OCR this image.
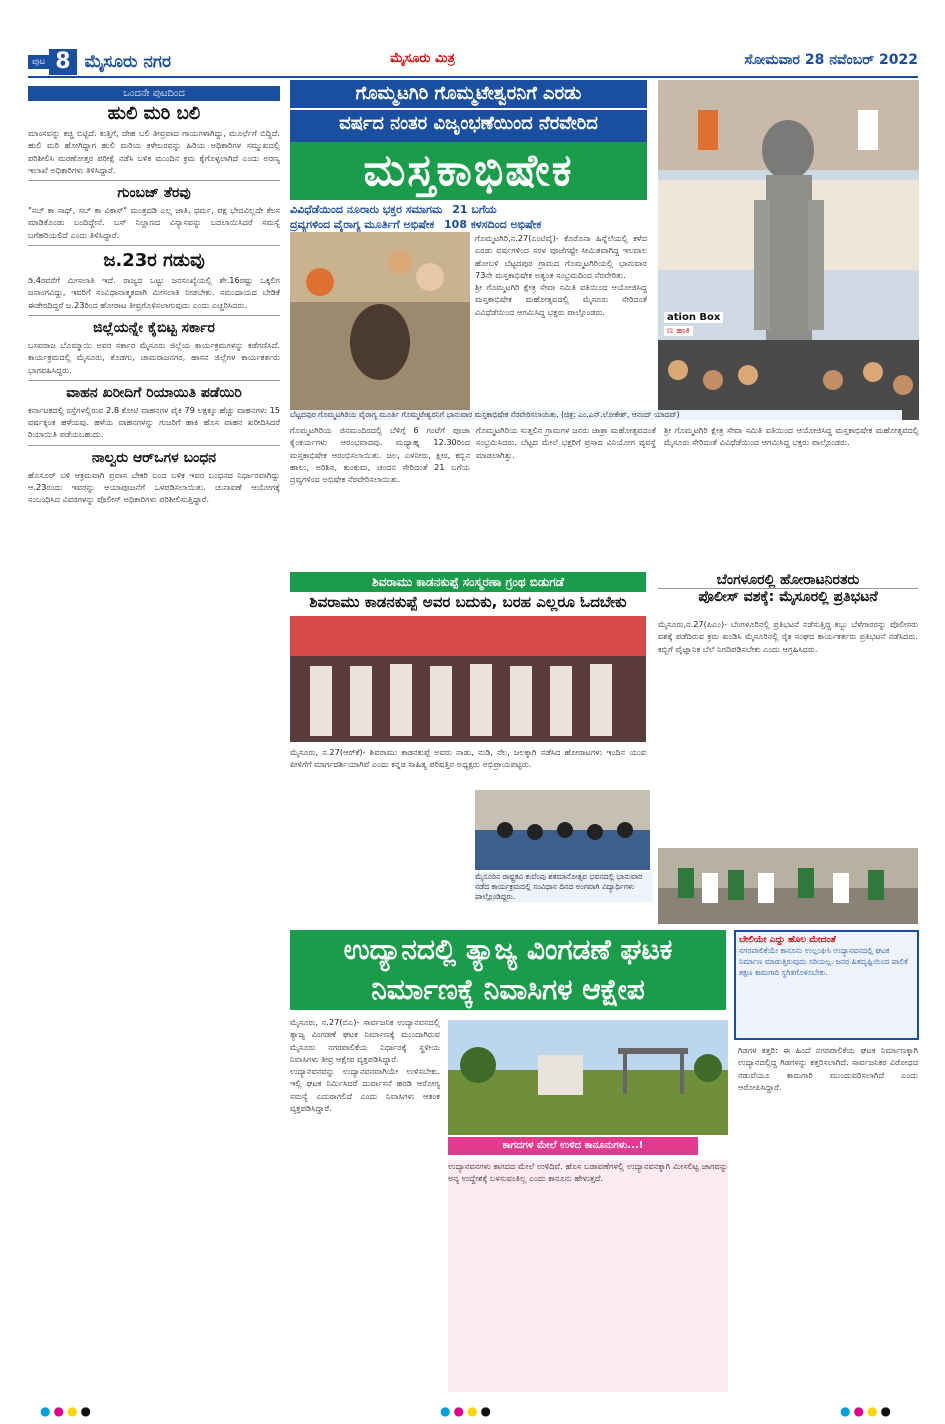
ಪುಟ 8 ಮೈಸೂರು ನಗರ	ಮೈಸೂರು ಮಿತ್ರ	ಸೋಮವಾರ 28 ನವೆಂಬರ್ 2022
ಒಂದನೇ ಪುಟದಿಂದ
ಹುಲಿ ಮರಿ ಬಲಿ

ಮಾಂಸವನ್ನು ಕಚ್ಚಿ ಬಿಟ್ಟಿದೆ. ಕುತ್ತಿಗೆ, ದೇಹ ಬಲಿ ತೀವ್ರವಾದ ಗಾಯಗಳಾಗಿದ್ದು, ಮೂರ್ಛೆಗೆ ಬಿದ್ದಿದೆ. ಹುಲಿ ಮರಿ ಹೋಗಿದ್ದಾಗ ಹುಲಿ ಮರಿಯ ಕಳೇಬರವನ್ನು ಹಿರಿಯ ಅಧಿಕಾರಿಗಳ ಸಮ್ಮುಖದಲ್ಲಿ ಪರಿಶೀಲಿಸಿ ಮರಣೋತ್ತರ ಪರೀಕ್ಷೆ ನಡೆಸಿ ಬಳಿಕ ಮುಂದಿನ ಕ್ರಮ ಕೈಗೊಳ್ಳಲಾಗಿದೆ ಎಂದು ಅರಣ್ಯ ಇಲಾಖೆ ಅಧಿಕಾರಿಗಳು ತಿಳಿಸಿದ್ದಾರೆ.

ಗುಂಬಜ್ ತೆರವು

"ಸಬ್ ಕಾ ಸಾಥ್, ಸಬ್ ಕಾ ವಿಕಾಸ್" ಮಂತ್ರದಡಿ ಎಲ್ಲ ಜಾತಿ, ಧರ್ಮ, ಪಕ್ಷ ಭೇದವಿಲ್ಲದೇ ಕೆಲಸ ಮಾಡಿಕೊಂಡು ಬಂದಿದ್ದೇನೆ. ಬಸ್ ನಿಲ್ದಾಣದ ವಿನ್ಯಾಸವನ್ನು ಬದಲಾಯಿಸಿದರೆ ಸಮಸ್ಯೆ ಬಗೆಹರಿಯಲಿದೆ ಎಂದು ತಿಳಿಸಿದ್ದಾರೆ.

ಜ.23ರ ಗಡುವು

ಡಿ.4ರವರೆಗೆ ಮೀಸಲಾತಿ ಇದೆ. ರಾಜ್ಯದ ಒಟ್ಟು ಜನಸಂಖ್ಯೆಯಲ್ಲಿ ಶೇ.16ರಷ್ಟು ಒಕ್ಕಲಿಗ ಜನಾಂಗವಿದ್ದು, ಇವರಿಗೆ ಸಂವಿಧಾನಾತ್ಮಕವಾಗಿ ಮೀಸಲಾತಿ ನೀಡಬೇಕು. ಸಮುದಾಯದ ಬೇಡಿಕೆ ಈಡೇರದಿದ್ದರೆ ಜ.23ರಿಂದ ಹೋರಾಟ ತೀವ್ರಗೊಳಿಸಲಾಗುವುದು ಎಂದು ಎಚ್ಚರಿಸಿದರು.

ಜಿಲ್ಲೆಯನ್ನೇ ಕೈಬಿಟ್ಟ ಸರ್ಕಾರ

ಬಸವರಾಜ ಬೊಮ್ಮಾಯಿ ಅವರ ಸರ್ಕಾರ ಮೈಸೂರು ಜಿಲ್ಲೆಯ ಕಾರ್ಯಕ್ರಮಗಳನ್ನು ಕಡೆಗಣಿಸಿದೆ. ಕಾರ್ಯಕ್ರಮದಲ್ಲಿ ಮೈಸೂರು, ಕೊಡಗು, ಚಾಮರಾಜನಗರ, ಹಾಸನ ಜಿಲ್ಲೆಗಳ ಕಾರ್ಯಕರ್ತರು ಭಾಗವಹಿಸಿದ್ದರು.

ವಾಹನ ಖರೀದಿಗೆ ರಿಯಾಯಿತಿ ಪಡೆಯಿರಿ

ಕರ್ನಾಟಕದಲ್ಲಿ ರಸ್ತೆಗಳಲ್ಲಿರುವ 2.8 ಕೋಟಿ ವಾಹನಗಳ ಪೈಕಿ 79 ಲಕ್ಷಕ್ಕೂ ಹೆಚ್ಚು ವಾಹನಗಳು 15 ವರ್ಷಕ್ಕಿಂತ ಹಳೆಯವು. ಹಳೆಯ ವಾಹನಗಳನ್ನು ಗುಜರಿಗೆ ಹಾಕಿ ಹೊಸ ವಾಹನ ಖರೀದಿಸಿದರೆ ರಿಯಾಯಿತಿ ಪಡೆಯಬಹುದು.

ನಾಲ್ವರು ಆರ್‌ಒಗಳ ಬಂಧನ

ಹೊಸೂರ್ ಬಳಿ ಆಕ್ರಮವಾಗಿ ಪ್ರವಾಸ ಬೇಕರಿ ಬಂದ ಬಳಿಕ ಇವರ ಬಂಧನದ ನಿರ್ಧಾರವಾಗಿದ್ದು ಆ.23ರಂದು ಇವರನ್ನು ಆಯಾಪೂಜನೆಗೆ ಒಳಪಡಿಸಲಾಯಿತು. ಚುನಾವಣೆ ಆಯೋಗಕ್ಕೆ ಸಂಬಂಧಿಸಿದ ವಿವರಗಳನ್ನು ಪೊಲೀಸ್ ಅಧಿಕಾರಿಗಳು ಪರಿಶೀಲಿಸುತ್ತಿದ್ದಾರೆ.

ಗೊಮ್ಮಟಗಿರಿ ಗೊಮ್ಮಟೇಶ್ವರನಿಗೆ ಎರಡು
ವರ್ಷದ ನಂತರ ವಿಜೃಂಭಣೆಯಿಂದ ನೆರವೇರಿದ
ಮಸ್ತಕಾಭಿಷೇಕ
ವಿವಿಧೆಡೆಯಿಂದ ನೂರಾರು ಭಕ್ತರ ಸಮಾಗಮ 21 ಬಗೆಯ
ದ್ರವ್ಯಗಳಿಂದ ವೈರಾಗ್ಯ ಮೂರ್ತಿಗೆ ಅಭಿಷೇಕ 108 ಕಳಸದಿಂದ ಅಭಿಷೇಕ
ation Box
ಣ ಹಾಕಿ

ಗೊಮ್ಮಟಗಿರಿ,ನ.27(ಎಂಟಿವೈ)- ಕೊರೊನಾ ಹಿನ್ನೆಲೆಯಲ್ಲಿ ಕಳೆದ ಎರಡು ವರ್ಷಗಳಿಂದ ಸರಳ ಪೂಜೆಗಷ್ಟೇ ಸೀಮಿತವಾಗಿದ್ದ ಇಲವಾಲ ಹೋಬಳಿ ಬೆಟ್ಟದಪುರ ಗ್ರಾಮದ ಗೊಮ್ಮಟಗಿರಿಯಲ್ಲಿ ಭಾನುವಾರ 73ನೇ ಮಸ್ತಕಾಭಿಷೇಕ ಅತ್ಯಂತ ಸಂಭ್ರಮದಿಂದ ನೆರವೇರಿತು.

ಶ್ರೀ ಗೊಮ್ಮಟಗಿರಿ ಕ್ಷೇತ್ರ ಸೇವಾ ಸಮಿತಿ ವತಿಯಿಂದ ಆಯೋಜಿಸಿದ್ದ ಮಸ್ತಕಾಭಿಷೇಕ ಮಹೋತ್ಸವದಲ್ಲಿ ಮೈಸೂರು ಸೇರಿದಂತೆ ವಿವಿಧೆಡೆಯಿಂದ ಆಗಮಿಸಿದ್ದ ಭಕ್ತರು ಪಾಲ್ಗೊಂಡರು.

ಬೆಟ್ಟದಪುರ ಗೊಮ್ಮಟಗಿರಿಯ ವೈರಾಗ್ಯ ಮೂರ್ತಿ ಗೊಮ್ಮಟೇಶ್ವರನಿಗೆ ಭಾನುವಾರ ಮಸ್ತಕಾಭಿಷೇಕ ನೆರವೇರಿಸಲಾಯಿತು. (ಚಿತ್ರ: ಎಂ.ಎನ್.ಲೋಕೇಶ್, ಆನಂದ್ ಯಾದವ್)

ಗೊಮ್ಮಟಗಿರಿಯ ಜಿನಮಂದಿರದಲ್ಲಿ ಬೆಳಿಗ್ಗೆ 6 ಗಂಟೆಗೆ ಪೂಜಾ ಕೈಂಕರ್ಯಗಳು ಆರಂಭವಾದವು. ಮಧ್ಯಾಹ್ನ 12.30ರಿಂದ ಮಸ್ತಕಾಭಿಷೇಕ ಆರಂಭಿಸಲಾಯಿತು. ಜಲ, ಎಳನೀರು, ಕ್ಷೀರ, ಕಬ್ಬಿನ ಹಾಲು, ಅರಿಶಿನ, ಕುಂಕುಮ, ಚಂದನ ಸೇರಿದಂತೆ 21 ಬಗೆಯ ದ್ರವ್ಯಗಳಿಂದ ಅಭಿಷೇಕ ನೆರವೇರಿಸಲಾಯಿತು.

ಗೊಮ್ಮಟಗಿರಿಯ ಸುತ್ತಲಿನ ಗ್ರಾಮಗಳ ಜನರು ಜಾತ್ರಾ ಮಹೋತ್ಸವದಂತೆ ಸಂಭ್ರಮಿಸಿದರು. ಬೆಟ್ಟದ ಮೇಲೆ ಭಕ್ತರಿಗೆ ಪ್ರಸಾದ ವಿನಿಯೋಗ ವ್ಯವಸ್ಥೆ ಮಾಡಲಾಗಿತ್ತು.

ಶ್ರೀ ಗೊಮ್ಮಟಗಿರಿ ಕ್ಷೇತ್ರ ಸೇವಾ ಸಮಿತಿ ವತಿಯಿಂದ ಆಯೋಜಿಸಿದ್ದ ಮಸ್ತಕಾಭಿಷೇಕ ಮಹೋತ್ಸವದಲ್ಲಿ ಮೈಸೂರು ಸೇರಿದಂತೆ ವಿವಿಧೆಡೆಯಿಂದ ಆಗಮಿಸಿದ್ದ ಭಕ್ತರು ಪಾಲ್ಗೊಂಡರು.

ಶಿವರಾಮು ಕಾಡನಕುಪ್ಪೆ ಸಂಸ್ಮರಣಾ ಗ್ರಂಥ ಬಿಡುಗಡೆ
ಶಿವರಾಮು ಕಾಡನಕುಪ್ಪೆ ಅವರ ಬದುಕು, ಬರಹ ಎಲ್ಲರೂ ಓದಬೇಕು

ಮೈಸೂರು, ನ.27(ಆರ್‌ಕೆ)- ಶಿವರಾಮು ಕಾಡನಕುಪ್ಪೆ ಅವರು ನಾಡು, ನುಡಿ, ನೆಲ, ಜಲಕ್ಕಾಗಿ ನಡೆಸಿದ ಹೋರಾಟಗಳು ಇಂದಿನ ಯುವ ಪೀಳಿಗೆಗೆ ಮಾರ್ಗದರ್ಶಿಯಾಗಿವೆ ಎಂದು ಕನ್ನಡ ಸಾಹಿತ್ಯ ಪರಿಷತ್ತಿನ ಅಧ್ಯಕ್ಷರು ಅಭಿಪ್ರಾಯಪಟ್ಟರು.

ಮೈಸೂರಿನ ರಾಷ್ಟ್ರಕವಿ ಕುವೆಂಪು ಶತಮಾನೋತ್ಸವ ಭವನದಲ್ಲಿ ಭಾನುವಾರ ನಡೆದ ಕಾರ್ಯಕ್ರಮದಲ್ಲಿ ಸಂವಿಧಾನ ದಿನದ ಅಂಗವಾಗಿ ವಿದ್ಯಾರ್ಥಿಗಳು ಪಾಲ್ಗೊಂಡಿದ್ದರು.
ಬೆಂಗಳೂರಲ್ಲಿ ಹೋರಾಟನಿರತರು
ಪೊಲೀಸ್ ವಶಕ್ಕೆ: ಮೈಸೂರಲ್ಲಿ ಪ್ರತಿಭಟನೆ

ಮೈಸೂರು,ನ.27(ಪಿಎಂ)- ಬೆಂಗಳೂರಿನಲ್ಲಿ ಪ್ರತಿಭಟನೆ ನಡೆಸುತ್ತಿದ್ದ ಕಬ್ಬು ಬೆಳೆಗಾರರನ್ನು ಪೊಲೀಸರು ವಶಕ್ಕೆ ಪಡೆದಿರುವ ಕ್ರಮ ಖಂಡಿಸಿ ಮೈಸೂರಿನಲ್ಲಿ ರೈತ ಸಂಘದ ಕಾರ್ಯಕರ್ತರು ಪ್ರತಿಭಟನೆ ನಡೆಸಿದರು. ಕಬ್ಬಿಗೆ ವೈಜ್ಞಾನಿಕ ಬೆಲೆ ನಿಗದಿಪಡಿಸಬೇಕು ಎಂದು ಆಗ್ರಹಿಸಿದರು.

ಉದ್ಯಾನದಲ್ಲಿ ತ್ಯಾಜ್ಯ ವಿಂಗಡಣೆ ಘಟಕ
ನಿರ್ಮಾಣಕ್ಕೆ ನಿವಾಸಿಗಳ ಆಕ್ಷೇಪ
ಬೇಲಿಯೇ ಎದ್ದು ಹೊಲ ಮೇದಂತೆ
ನಗರಪಾಲಿಕೆಯೇ ಕಾನೂನು ಉಲ್ಲಂಘಿಸಿ ಉದ್ಯಾನವನದಲ್ಲಿ ಘಟಕ ನಿರ್ಮಾಣ ಮಾಡುತ್ತಿರುವುದು ಸರಿಯಲ್ಲ. ಜನರ ಹಿತದೃಷ್ಟಿಯಿಂದ ಪಾಲಿಕೆ ತಕ್ಷಣ ಕಾಮಗಾರಿ ಸ್ಥಗಿತಗೊಳಿಸಬೇಕು.

ಮೈಸೂರು, ನ.27(ಬಿಎ)- ಸಾರ್ವಜನಿಕ ಉದ್ಯಾನವನದಲ್ಲಿ ತ್ಯಾಜ್ಯ ವಿಂಗಡಣೆ ಘಟಕ ನಿರ್ಮಾಣಕ್ಕೆ ಮುಂದಾಗಿರುವ ಮೈಸೂರು ನಗರಪಾಲಿಕೆಯ ನಿರ್ಧಾರಕ್ಕೆ ಸ್ಥಳೀಯ ನಿವಾಸಿಗಳು ತೀವ್ರ ಆಕ್ಷೇಪ ವ್ಯಕ್ತಪಡಿಸಿದ್ದಾರೆ.

ಉದ್ಯಾನವನವನ್ನು ಉದ್ಯಾನವನವಾಗಿಯೇ ಉಳಿಸಬೇಕು. ಇಲ್ಲಿ ಘಟಕ ನಿರ್ಮಿಸಿದರೆ ದುರ್ವಾಸನೆ ಹರಡಿ ಆರೋಗ್ಯ ಸಮಸ್ಯೆ ಎದುರಾಗಲಿದೆ ಎಂದು ನಿವಾಸಿಗಳು ಆತಂಕ ವ್ಯಕ್ತಪಡಿಸಿದ್ದಾರೆ.

ಕಾಗದಗಳ ಮೇಲೆ ಉಳಿದ ಕಾನೂನುಗಳು...!

ಉದ್ಯಾನವನಗಳು ಕಾಗದದ ಮೇಲೆ ಉಳಿದಿವೆ. ಹೊಸ ಬಡಾವಣೆಗಳಲ್ಲಿ ಉದ್ಯಾನವನಕ್ಕಾಗಿ ಮೀಸಲಿಟ್ಟ ಜಾಗವನ್ನು ಅನ್ಯ ಉದ್ದೇಶಕ್ಕೆ ಬಳಸುವಂತಿಲ್ಲ ಎಂದು ಕಾನೂನು ಹೇಳುತ್ತದೆ.

ಗಿಡಗಳ ಕತ್ತರಿ: ಈ ಹಿಂದೆ ನಗರಪಾಲಿಕೆಯ ಘಟಕ ನಿರ್ಮಾಣಕ್ಕಾಗಿ ಉದ್ಯಾನದಲ್ಲಿದ್ದ ಗಿಡಗಳನ್ನು ಕತ್ತರಿಸಲಾಗಿದೆ. ಸಾರ್ವಜನಿಕರ ವಿರೋಧದ ನಡುವೆಯೂ ಕಾಮಗಾರಿ ಮುಂದುವರಿಸಲಾಗಿದೆ ಎಂದು ಆರೋಪಿಸಿದ್ದಾರೆ.

●●●●	●●●●	●●●●
